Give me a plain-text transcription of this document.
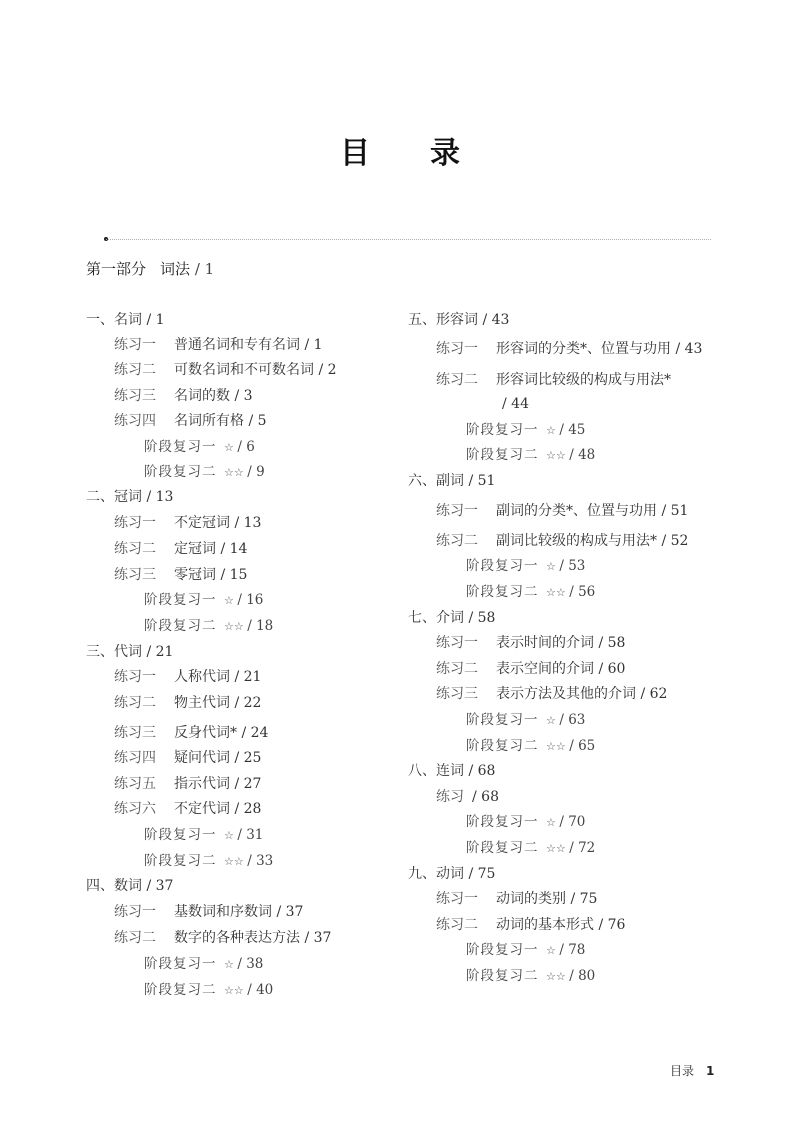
目 录
第一部分 词法 / 1
一、名词 / 1
练习一 普通名词和专有名词 / 1
练习二 可数名词和不可数名词 / 2
练习三 名词的数 / 3
练习四 名词所有格 / 5
阶段复习一 ☆ / 6
阶段复习二 ☆☆ / 9
二、冠词 / 13
练习一 不定冠词 / 13
练习二 定冠词 / 14
练习三 零冠词 / 15
阶段复习一 ☆ / 16
阶段复习二 ☆☆ / 18
三、代词 / 21
练习一 人称代词 / 21
练习二 物主代词 / 22
练习三 反身代词* / 24
练习四 疑问代词 / 25
练习五 指示代词 / 27
练习六 不定代词 / 28
阶段复习一 ☆ / 31
阶段复习二 ☆☆ / 33
四、数词 / 37
练习一 基数词和序数词 / 37
练习二 数字的各种表达方法 / 37
阶段复习一 ☆ / 38
阶段复习二 ☆☆ / 40
五、形容词 / 43
练习一 形容词的分类*、位置与功用 / 43
练习二 形容词比较级的构成与用法*
/ 44
阶段复习一 ☆ / 45
阶段复习二 ☆☆ / 48
六、副词 / 51
练习一 副词的分类*、位置与功用 / 51
练习二 副词比较级的构成与用法* / 52
阶段复习一 ☆ / 53
阶段复习二 ☆☆ / 56
七、介词 / 58
练习一 表示时间的介词 / 58
练习二 表示空间的介词 / 60
练习三 表示方法及其他的介词 / 62
阶段复习一 ☆ / 63
阶段复习二 ☆☆ / 65
八、连词 / 68
练习 / 68
阶段复习一 ☆ / 70
阶段复习二 ☆☆ / 72
九、动词 / 75
练习一 动词的类别 / 75
练习二 动词的基本形式 / 76
阶段复习一 ☆ / 78
阶段复习二 ☆☆ / 80
目录 1
